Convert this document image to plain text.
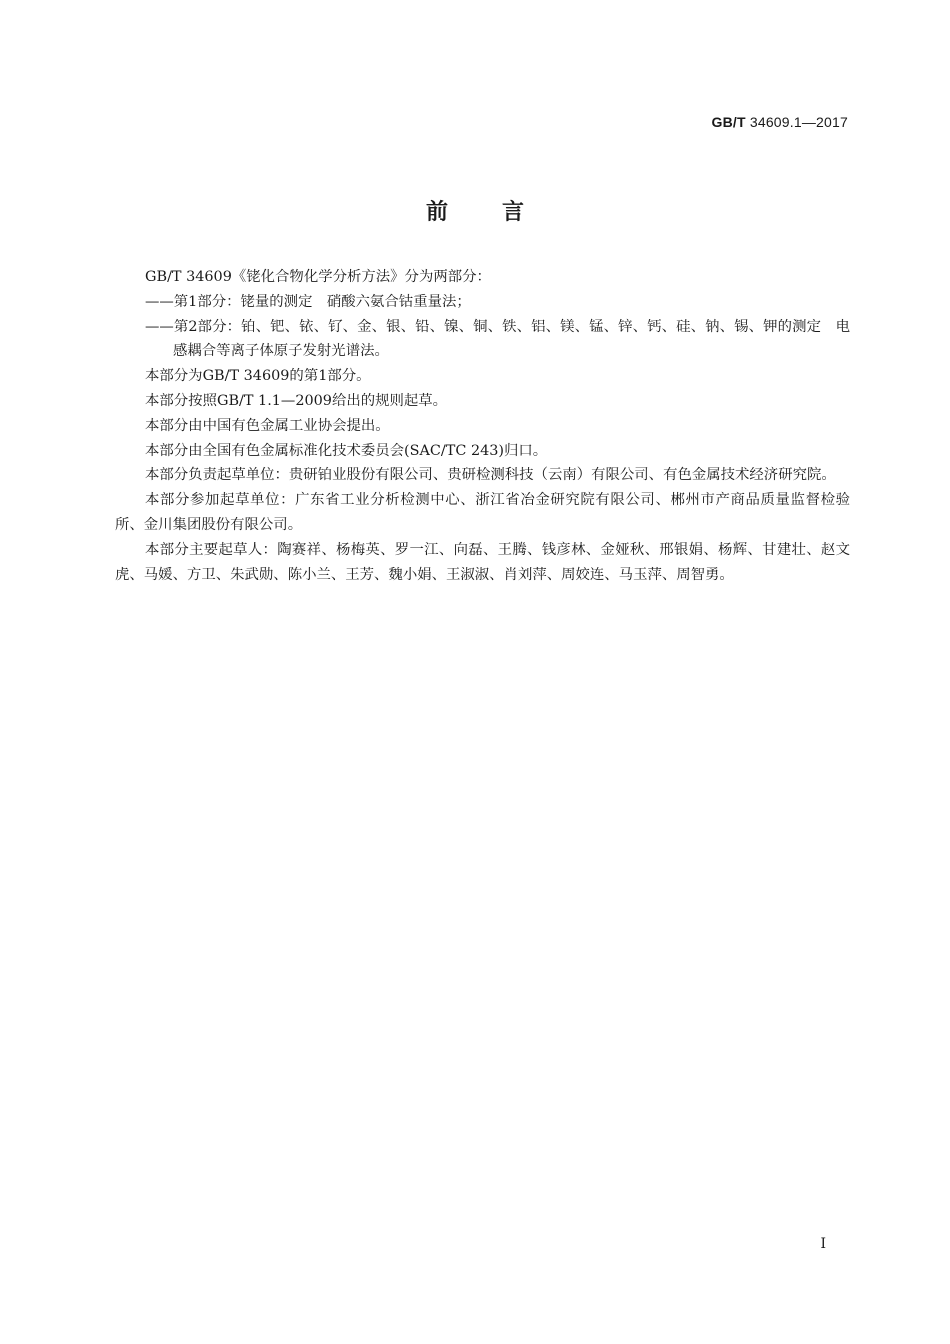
GB/T 34609.1—2017
前 言

GB/T 34609《铑化合物化学分析方法》分为两部分：

——第1部分：铑量的测定　硝酸六氨合钴重量法；

——第2部分：铂、钯、铱、钌、金、银、铅、镍、铜、铁、铝、镁、锰、锌、钙、硅、钠、锡、钾的测定　电感耦合等离子体原子发射光谱法。

本部分为GB/T 34609的第1部分。

本部分按照GB/T 1.1—2009给出的规则起草。

本部分由中国有色金属工业协会提出。

本部分由全国有色金属标准化技术委员会(SAC/TC 243)归口。

本部分负责起草单位：贵研铂业股份有限公司、贵研检测科技（云南）有限公司、有色金属技术经济研究院。

本部分参加起草单位：广东省工业分析检测中心、浙江省冶金研究院有限公司、郴州市产商品质量监督检验所、金川集团股份有限公司。

本部分主要起草人：陶赛祥、杨梅英、罗一江、向磊、王腾、钱彦林、金娅秋、邢银娟、杨辉、甘建壮、赵文虎、马媛、方卫、朱武勋、陈小兰、王芳、魏小娟、王淑淑、肖刘萍、周姣连、马玉萍、周智勇。

I
